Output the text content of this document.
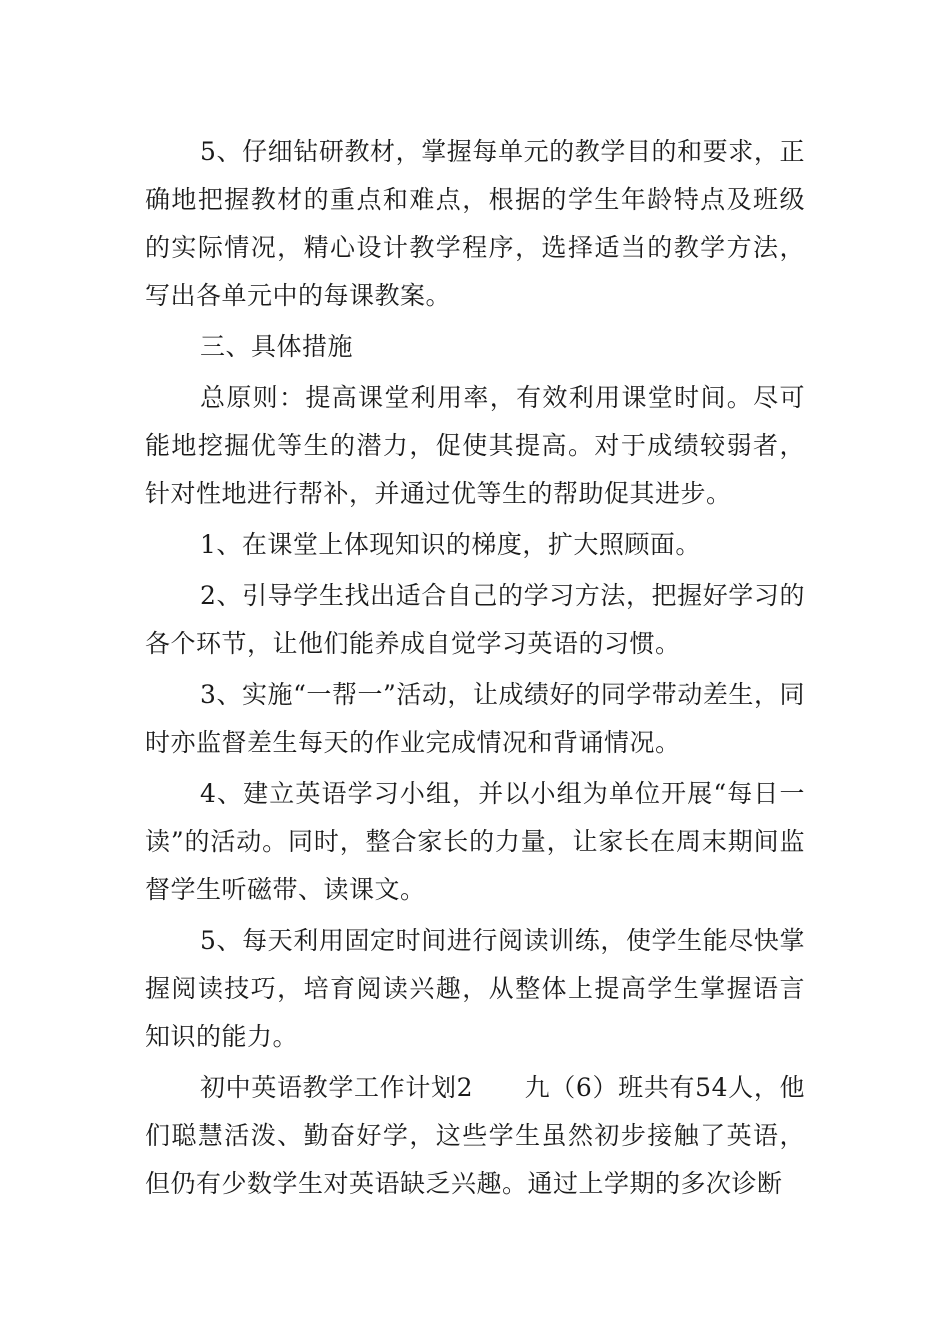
5、仔细钻研教材，掌握每单元的教学目的和要求，正确地把握教材的重点和难点，根据的学生年龄特点及班级的实际情况，精心设计教学程序，选择适当的教学方法，写出各单元中的每课教案。

三、具体措施

总原则：提高课堂利用率，有效利用课堂时间。尽可能地挖掘优等生的潜力，促使其提高。对于成绩较弱者，针对性地进行帮补，并通过优等生的帮助促其进步。

1、在课堂上体现知识的梯度，扩大照顾面。

2、引导学生找出适合自己的学习方法，把握好学习的各个环节，让他们能养成自觉学习英语的习惯。

3、实施“一帮一”活动，让成绩好的同学带动差生，同时亦监督差生每天的作业完成情况和背诵情况。

4、建立英语学习小组，并以小组为单位开展“每日一读”的活动。同时，整合家长的力量，让家长在周末期间监督学生听磁带、读课文。

5、每天利用固定时间进行阅读训练，使学生能尽快掌握阅读技巧，培育阅读兴趣，从整体上提高学生掌握语言知识的能力。

初中英语教学工作计划2　　九（6）班共有54人，他们聪慧活泼、勤奋好学，这些学生虽然初步接触了英语，但仍有少数学生对英语缺乏兴趣。通过上学期的多次诊断
